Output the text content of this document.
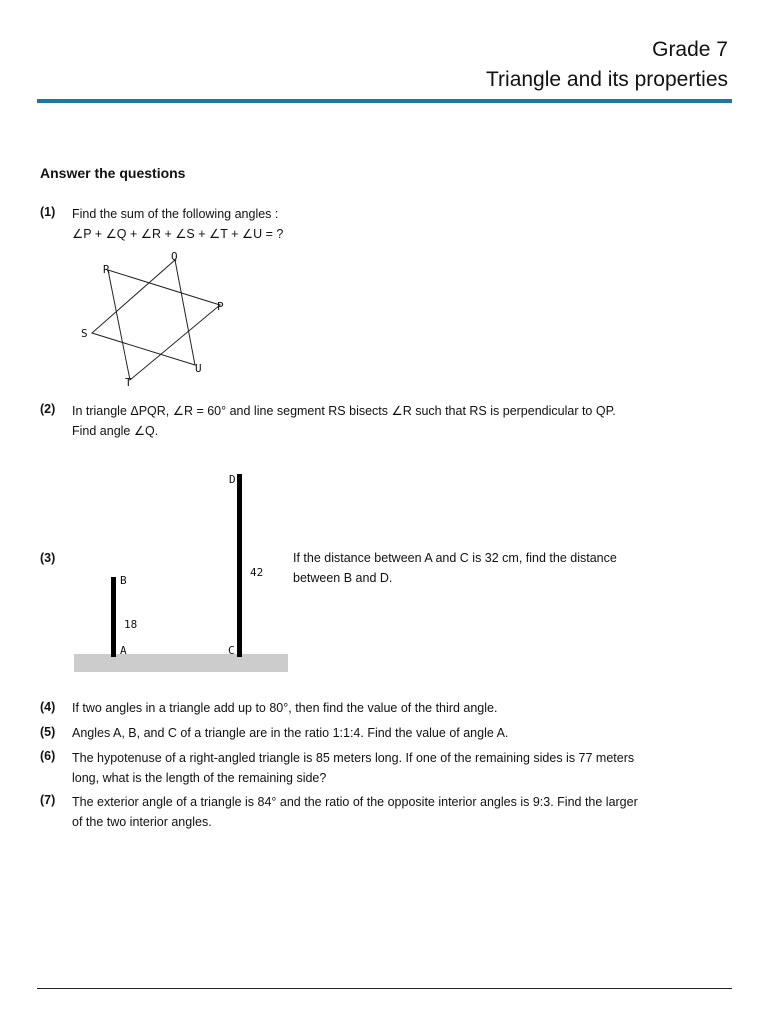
Grade 7
Triangle and its properties
Answer the questions
(1) Find the sum of the following angles :
∠P + ∠Q + ∠R + ∠S + ∠T + ∠U = ?
R
Q
P
S
U
T
(2) In triangle ΔPQR, ∠R = 60° and line segment RS bisects ∠R such that RS is perpendicular to QP.
Find angle ∠Q.
(3)
D
B
A	C
18
42
If the distance between A and C is 32 cm, find the distance
between B and D.
(4) If two angles in a triangle add up to 80°, then find the value of the third angle.
(5) Angles A, B, and C of a triangle are in the ratio 1:1:4. Find the value of angle A.
(6) The hypotenuse of a right-angled triangle is 85 meters long. If one of the remaining sides is 77 meters
long, what is the length of the remaining side?
(7) The exterior angle of a triangle is 84° and the ratio of the opposite interior angles is 9:3. Find the larger
of the two interior angles.
